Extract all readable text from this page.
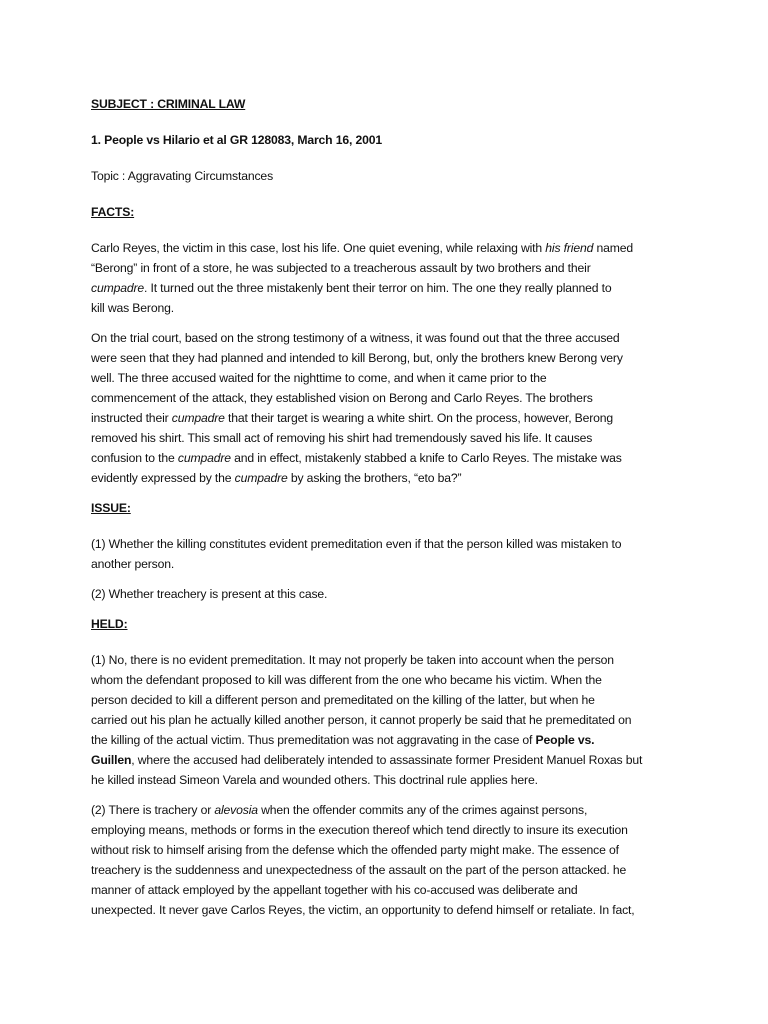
SUBJECT : CRIMINAL LAW

1. People vs Hilario et al GR 128083, March 16, 2001

Topic : Aggravating Circumstances

FACTS:

Carlo Reyes, the victim in this case, lost his life. One quiet evening, while relaxing with his friend named

“Berong” in front of a store, he was subjected to a treacherous assault by two brothers and their

cumpadre. It turned out the three mistakenly bent their terror on him. The one they really planned to

kill was Berong.

On the trial court, based on the strong testimony of a witness, it was found out that the three accused

were seen that they had planned and intended to kill Berong, but, only the brothers knew Berong very

well. The three accused waited for the nighttime to come, and when it came prior to the

commencement of the attack, they established vision on Berong and Carlo Reyes. The brothers

instructed their cumpadre that their target is wearing a white shirt. On the process, however, Berong

removed his shirt. This small act of removing his shirt had tremendously saved his life. It causes

confusion to the cumpadre and in effect, mistakenly stabbed a knife to Carlo Reyes. The mistake was

evidently expressed by the cumpadre by asking the brothers, “eto ba?”

ISSUE:

(1) Whether the killing constitutes evident premeditation even if that the person killed was mistaken to

another person.

(2) Whether treachery is present at this case.

HELD:

(1) No, there is no evident premeditation. It may not properly be taken into account when the person

whom the defendant proposed to kill was different from the one who became his victim. When the

person decided to kill a different person and premeditated on the killing of the latter, but when he

carried out his plan he actually killed another person, it cannot properly be said that he premeditated on

the killing of the actual victim. Thus premeditation was not aggravating in the case of People vs.

Guillen, where the accused had deliberately intended to assassinate former President Manuel Roxas but

he killed instead Simeon Varela and wounded others. This doctrinal rule applies here.

(2) There is trachery or alevosia when the offender commits any of the crimes against persons,

employing means, methods or forms in the execution thereof which tend directly to insure its execution

without risk to himself arising from the defense which the offended party might make. The essence of

treachery is the suddenness and unexpectedness of the assault on the part of the person attacked. he

manner of attack employed by the appellant together with his co-accused was deliberate and

unexpected. It never gave Carlos Reyes, the victim, an opportunity to defend himself or retaliate. In fact,
